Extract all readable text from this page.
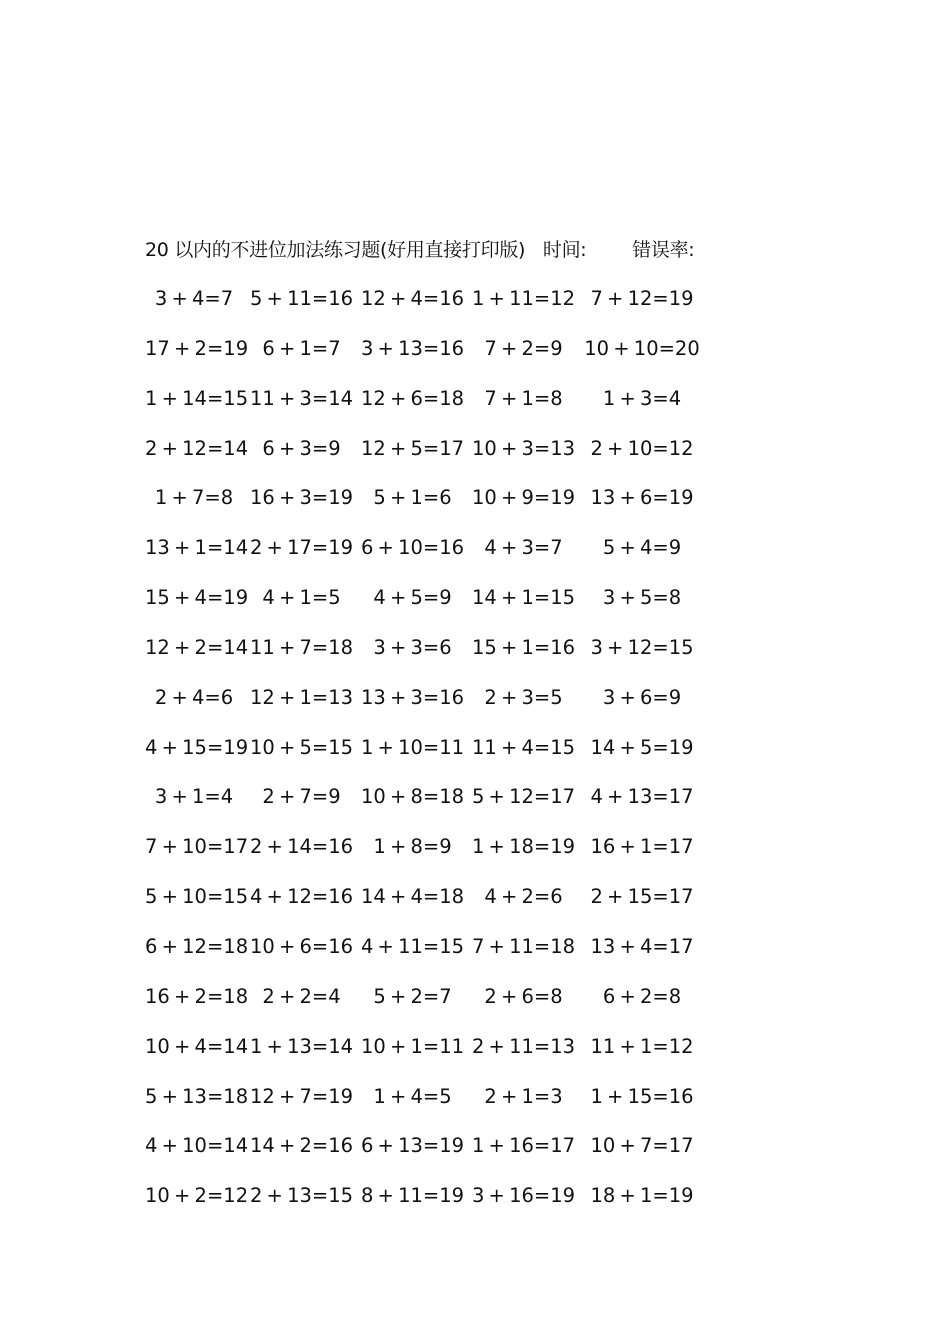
20 以内的不进位加法练习题(好用直接打印版) 时间: 错误率:
3 + 4=7 5 + 11=16 12 + 4=16 1 + 11=12 7 + 12=19
17 + 2=19 6 + 1=7	3 + 13=16	7 + 2=9	10 + 10=20
1 + 14=15 11 + 3=14 12 + 6=18	7 + 1=8	1 + 3=4
2 + 12=14 6 + 3=9	12 + 5=17 10 + 3=13 2 + 10=12
1 + 7=8 16 + 3=19	5 + 1=6	10 + 9=19 13 + 6=19
13 + 1=14 2 + 17=19 6 + 10=16	4 + 3=7	5 + 4=9
15 + 4=19 4 + 1=5	4 + 5=9	14 + 1=15	3 + 5=8
12 + 2=14 11 + 7=18	3 + 3=6	15 + 1=16 3 + 12=15
2 + 4=6 12 + 1=13 13 + 3=16	2 + 3=5	3 + 6=9
4 + 15=19 10 + 5=15 1 + 10=11 11 + 4=15 14 + 5=19
3 + 1=4	2 + 7=9	10 + 8=18 5 + 12=17 4 + 13=17
7 + 10=17 2 + 14=16	1 + 8=9	1 + 18=19 16 + 1=17
5 + 10=15 4 + 12=16 14 + 4=18	4 + 2=6	2 + 15=17
6 + 12=18 10 + 6=16 4 + 11=15 7 + 11=18 13 + 4=17
16 + 2=18 2 + 2=4	5 + 2=7	2 + 6=8	6 + 2=8
10 + 4=14 1 + 13=14 10 + 1=11 2 + 11=13 11 + 1=12
5 + 13=18 12 + 7=19	1 + 4=5	2 + 1=3	1 + 15=16
4 + 10=14 14 + 2=16 6 + 13=19 1 + 16=17 10 + 7=17
10 + 2=12 2 + 13=15 8 + 11=19 3 + 16=19 18 + 1=19
